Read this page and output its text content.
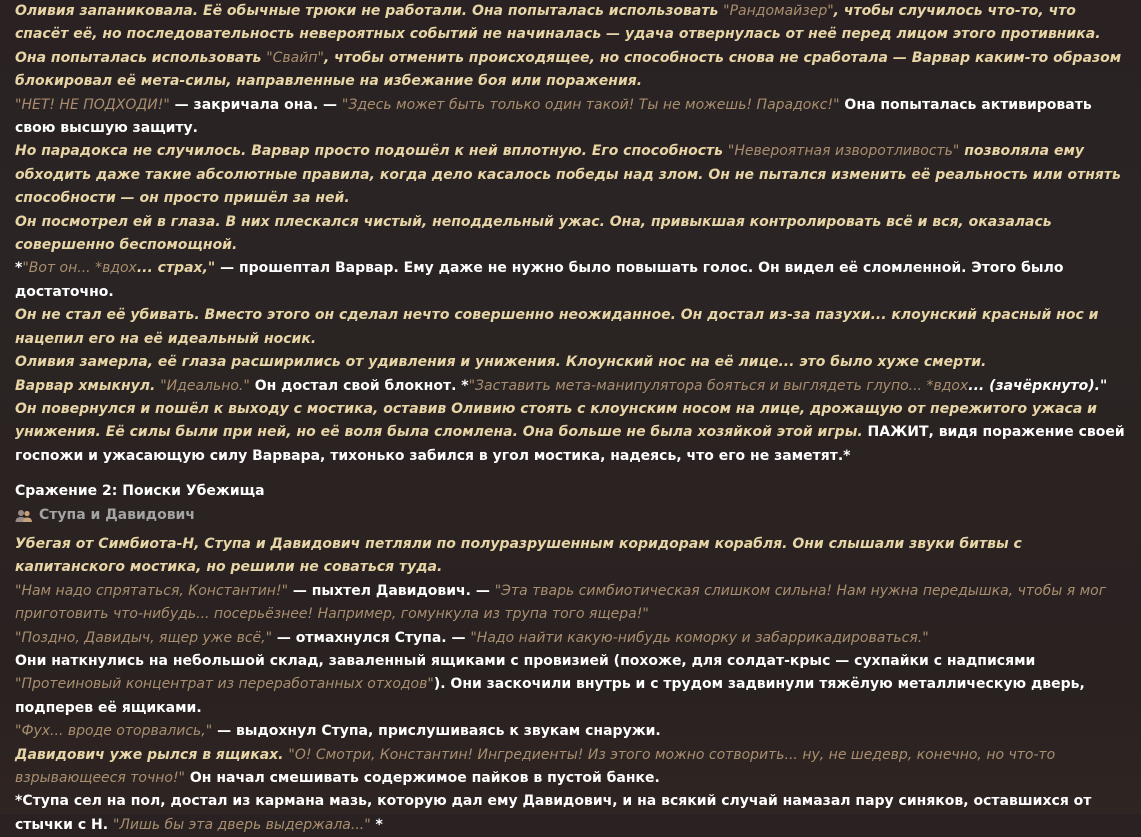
Оливия запаниковала. Её обычные трюки не работали. Она попыталась использовать "Рандомайзер", чтобы случилось что-то, что спасёт её, но последовательность невероятных событий не начиналась — удача отвернулась от неё перед лицом этого противника.

Она попыталась использовать "Свайп", чтобы отменить происходящее, но способность снова не сработала — Варвар каким-то образом блокировал её мета-силы, направленные на избежание боя или поражения.

"НЕТ! НЕ ПОДХОДИ!" — закричала она. — "Здесь может быть только один такой! Ты не можешь! Парадокс!" Она попыталась активировать свою высшую защиту.

Но парадокса не случилось. Варвар просто подошёл к ней вплотную. Его способность "Невероятная изворотливость" позволяла ему обходить даже такие абсолютные правила, когда дело касалось победы над злом. Он не пытался изменить её реальность или отнять способности — он просто пришёл за ней.

Он посмотрел ей в глаза. В них плескался чистый, неподдельный ужас. Она, привыкшая контролировать всё и вся, оказалась совершенно беспомощной.

*"Вот он... *вдох... страх," — прошептал Варвар. Ему даже не нужно было повышать голос. Он видел её сломленной. Этого было достаточно.

Он не стал её убивать. Вместо этого он сделал нечто совершенно неожиданное. Он достал из-за пазухи... клоунский красный нос и нацепил его на её идеальный носик.

Оливия замерла, её глаза расширились от удивления и унижения. Клоунский нос на её лице... это было хуже смерти.

Варвар хмыкнул. "Идеально." Он достал свой блокнот. *"Заставить мета-манипулятора бояться и выглядеть глупо... *вдох... (зачёркнуто)."

Он повернулся и пошёл к выходу с мостика, оставив Оливию стоять с клоунским носом на лице, дрожащую от пережитого ужаса и унижения. Её силы были при ней, но её воля была сломлена. Она больше не была хозяйкой этой игры. ПАЖИТ, видя поражение своей госпожи и ужасающую силу Варвара, тихонько забился в угол мостика, надеясь, что его не заметят.*

Сражение 2: Поиски Убежища
Ступа и Давидович

Убегая от Симбиота-Н, Ступа и Давидович петляли по полуразрушенным коридорам корабля. Они слышали звуки битвы с капитанского мостика, но решили не соваться туда.

"Нам надо спрятаться, Константин!" — пыхтел Давидович. — "Эта тварь симбиотическая слишком сильна! Нам нужна передышка, чтобы я мог приготовить что-нибудь... посерьёзнее! Например, гомункула из трупа того ящера!"

"Поздно, Давидыч, ящер уже всё," — отмахнулся Ступа. — "Надо найти какую-нибудь коморку и забаррикадироваться."

Они наткнулись на небольшой склад, заваленный ящиками с провизией (похоже, для солдат-крыс — сухпайки с надписями "Протеиновый концентрат из переработанных отходов"). Они заскочили внутрь и с трудом задвинули тяжёлую металлическую дверь, подперев её ящиками.

"Фух... вроде оторвались," — выдохнул Ступа, прислушиваясь к звукам снаружи.

Давидович уже рылся в ящиках. "О! Смотри, Константин! Ингредиенты! Из этого можно сотворить... ну, не шедевр, конечно, но что-то взрывающееся точно!" Он начал смешивать содержимое пайков в пустой банке.

*Ступа сел на пол, достал из кармана мазь, которую дал ему Давидович, и на всякий случай намазал пару синяков, оставшихся от стычки с Н. "Лишь бы эта дверь выдержала..." *
